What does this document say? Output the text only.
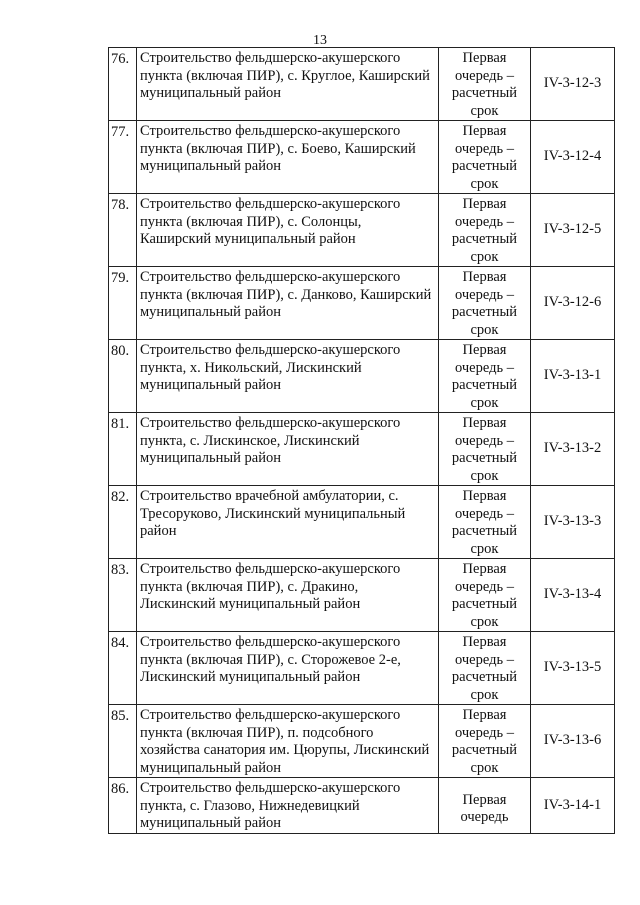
13
76.	Строительство фельдшерско-акушерского пункта (включая ПИР), с. Круглое, Каширский муниципальный район	Первая очередь – расчетный срок	IV-3-12-3
77.	Строительство фельдшерско-акушерского пункта (включая ПИР), с. Боево, Каширский муниципальный район	Первая очередь – расчетный срок	IV-3-12-4
78.	Строительство фельдшерско-акушерского пункта (включая ПИР), с. Солонцы, Каширский муниципальный район	Первая очередь – расчетный срок	IV-3-12-5
79.	Строительство фельдшерско-акушерского пункта (включая ПИР), с. Данково, Каширский муниципальный район	Первая очередь – расчетный срок	IV-3-12-6
80.	Строительство фельдшерско-акушерского пункта, х. Никольский, Лискинский муниципальный район	Первая очередь – расчетный срок	IV-3-13-1
81.	Строительство фельдшерско-акушерского пункта, с. Лискинское, Лискинский муниципальный район	Первая очередь – расчетный срок	IV-3-13-2
82.	Строительство врачебной амбулатории, с. Тресоруково, Лискинский муниципальный район	Первая очередь – расчетный срок	IV-3-13-3
83.	Строительство фельдшерско-акушерского пункта (включая ПИР), с. Дракино, Лискинский муниципальный район	Первая очередь – расчетный срок	IV-3-13-4
84.	Строительство фельдшерско-акушерского пункта (включая ПИР), с. Сторожевое 2-е, Лискинский муниципальный район	Первая очередь – расчетный срок	IV-3-13-5
85.	Строительство фельдшерско-акушерского пункта (включая ПИР), п. подсобного хозяйства санатория им. Цюрупы, Лискинский муниципальный район	Первая очередь – расчетный срок	IV-3-13-6
86.	Строительство фельдшерско-акушерского пункта, с. Глазово, Нижнедевицкий муниципальный район	Первая очередь	IV-3-14-1
